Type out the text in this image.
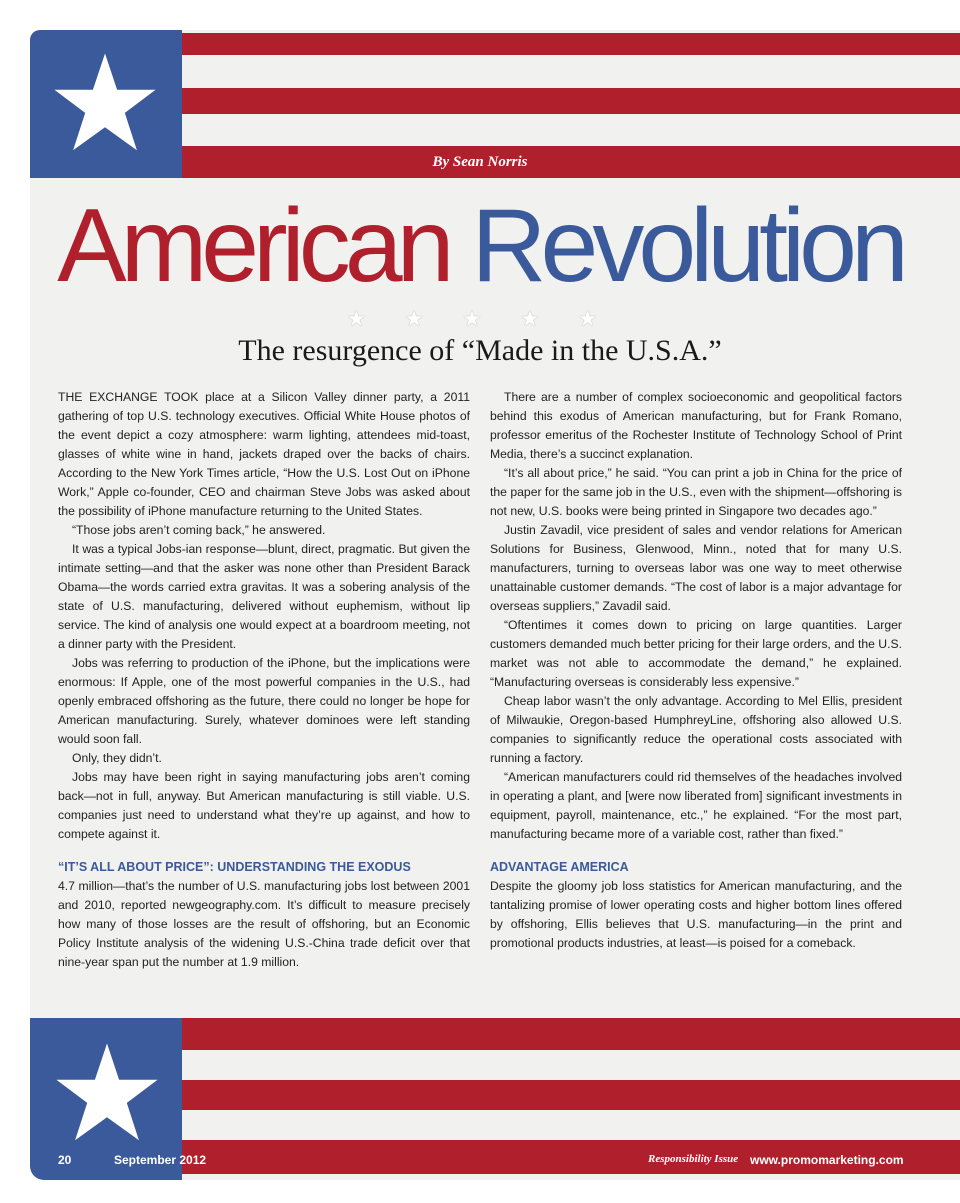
By Sean Norris
American Revolution
★ ★ ★ ★ ★
The resurgence of “Made in the U.S.A.”

THE EXCHANGE TOOK place at a Silicon Valley dinner party, a 2011 gathering of top U.S. technology executives. Official White House photos of the event depict a cozy atmosphere: warm lighting, attendees mid-toast, glasses of white wine in hand, jackets draped over the backs of chairs. According to the New York Times article, “How the U.S. Lost Out on iPhone Work,” Apple co-founder, CEO and chairman Steve Jobs was asked about the possibility of iPhone manufacture returning to the United States.

“Those jobs aren’t coming back,” he answered.

It was a typical Jobs-ian response—blunt, direct, pragmatic. But given the intimate setting—and that the asker was none other than President Barack Obama—the words carried extra gravitas. It was a sobering analysis of the state of U.S. manufacturing, delivered without euphemism, without lip service. The kind of analysis one would expect at a boardroom meeting, not a dinner party with the President.

Jobs was referring to production of the iPhone, but the implications were enormous: If Apple, one of the most powerful companies in the U.S., had openly embraced offshoring as the future, there could no longer be hope for American manufacturing. Surely, whatever dominoes were left standing would soon fall.

Only, they didn’t.

Jobs may have been right in saying manufacturing jobs aren’t coming back—not in full, anyway. But American manufacturing is still viable. U.S. companies just need to understand what they’re up against, and how to compete against it.

“IT’S ALL ABOUT PRICE”: UNDERSTANDING THE EXODUS

4.7 million—that’s the number of U.S. manufacturing jobs lost between 2001 and 2010, reported newgeography.com. It’s difficult to measure precisely how many of those losses are the result of offshoring, but an Economic Policy Institute analysis of the widening U.S.-China trade deficit over that nine-year span put the number at 1.9 million.

There are a number of complex socioeconomic and geopolitical factors behind this exodus of American manufacturing, but for Frank Romano, professor emeritus of the Rochester Institute of Technology School of Print Media, there’s a succinct explanation.

“It’s all about price,” he said. “You can print a job in China for the price of the paper for the same job in the U.S., even with the shipment—offshoring is not new, U.S. books were being printed in Singapore two decades ago.”

Justin Zavadil, vice president of sales and vendor relations for American Solutions for Business, Glenwood, Minn., noted that for many U.S. manufacturers, turning to overseas labor was one way to meet otherwise unattainable customer demands. “The cost of labor is a major advantage for overseas suppliers,” Zavadil said.

“Oftentimes it comes down to pricing on large quantities. Larger customers demanded much better pricing for their large orders, and the U.S. market was not able to accommodate the demand,” he explained. “Manufacturing overseas is considerably less expensive.”

Cheap labor wasn’t the only advantage. According to Mel Ellis, president of Milwaukie, Oregon-based HumphreyLine, offshoring also allowed U.S. companies to significantly reduce the operational costs associated with running a factory.

“American manufacturers could rid themselves of the headaches involved in operating a plant, and [were now liberated from] significant investments in equipment, payroll, maintenance, etc.,” he explained. “For the most part, manufacturing became more of a variable cost, rather than fixed.”

ADVANTAGE AMERICA

Despite the gloomy job loss statistics for American manufacturing, and the tantalizing promise of lower operating costs and higher bottom lines offered by offshoring, Ellis believes that U.S. manufacturing—in the print and promotional products industries, at least—is poised for a comeback.

20	September 2012	Responsibility Issue www.promomarketing.com
